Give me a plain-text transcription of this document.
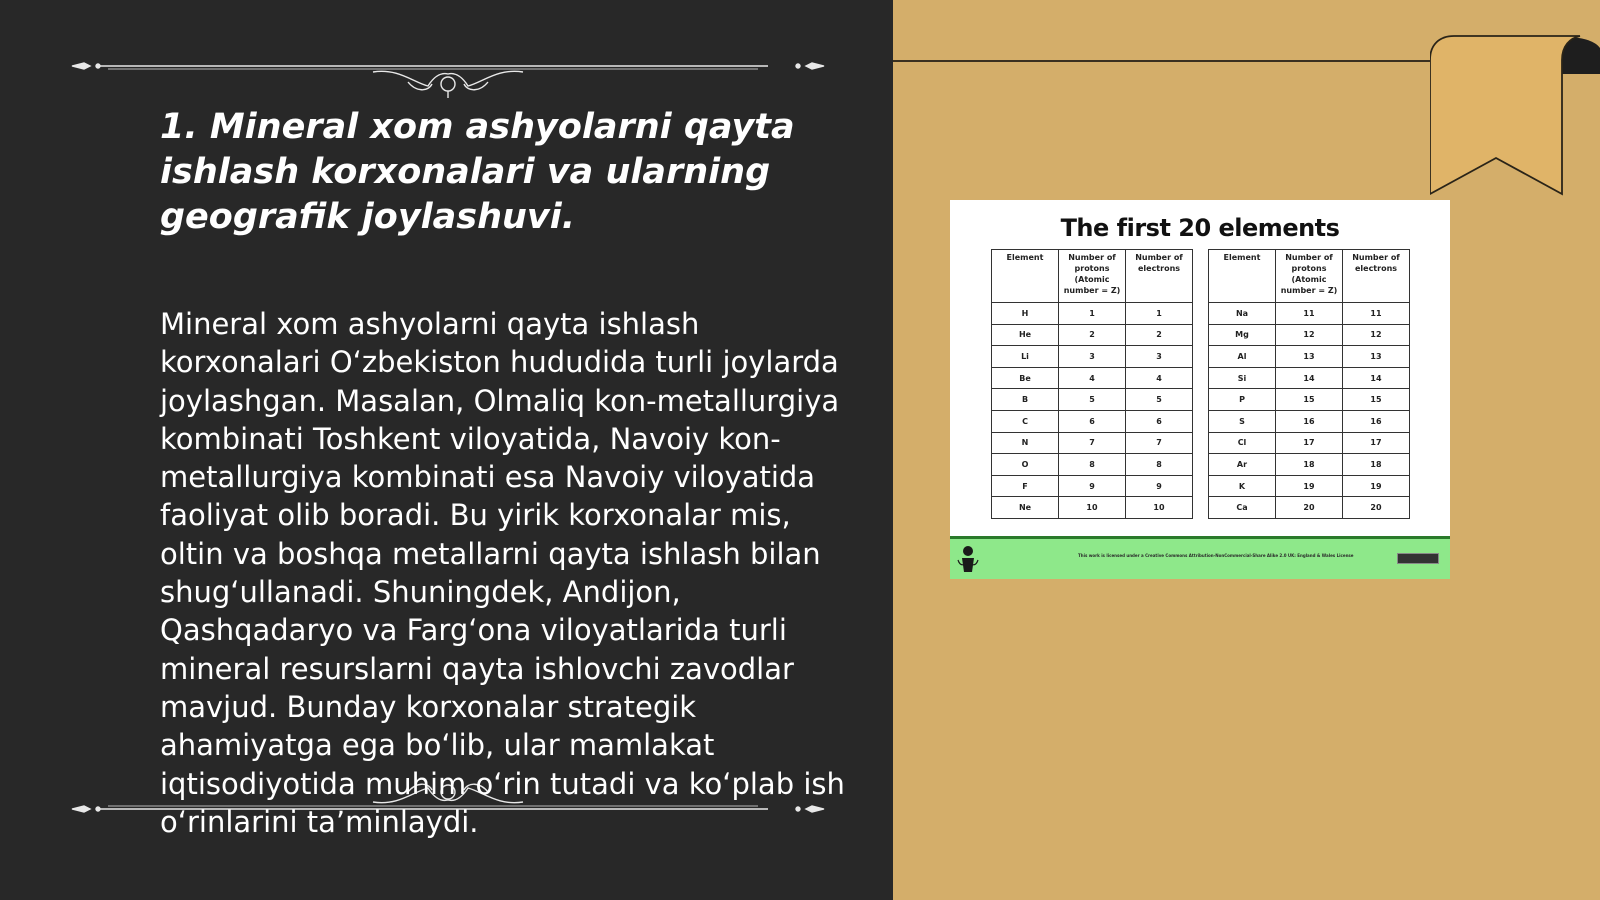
1. Mineral xom ashyolarni qayta ishlash korxonalari va ularning geografik joylashuvi.

Mineral xom ashyolarni qayta ishlash korxonalari O‘zbekiston hududida turli joylarda joylashgan. Masalan, Olmaliq kon-metallurgiya kombinati Toshkent viloyatida, Navoiy kon-metallurgiya kombinati esa Navoiy viloyatida faoliyat olib boradi. Bu yirik korxonalar mis, oltin va boshqa metallarni qayta ishlash bilan shug‘ullanadi. Shuningdek, Andijon, Qashqadaryo va Farg‘ona viloyatlarida turli mineral resurslarni qayta ishlovchi zavodlar mavjud. Bunday korxonalar strategik ahamiyatga ega bo‘lib, ular mamlakat iqtisodiyotida muhim o‘rin tutadi va ko‘plab ish o‘rinlarini ta’minlaydi.

The first 20 elements
Element	Number of protons (Atomic number = Z)	Number of electrons
H	1	1
He	2	2
Li	3	3
Be	4	4
B	5	5
C	6	6
N	7	7
O	8	8
F	9	9
Ne	10	10
Element	Number of protons (Atomic number = Z)	Number of electrons
Na	11	11
Mg	12	12
Al	13	13
Si	14	14
P	15	15
S	16	16
Cl	17	17
Ar	18	18
K	19	19
Ca	20	20
This work is licensed under a Creative Commons Attribution-NonCommercial-Share Alike 2.0 UK: England & Wales License
